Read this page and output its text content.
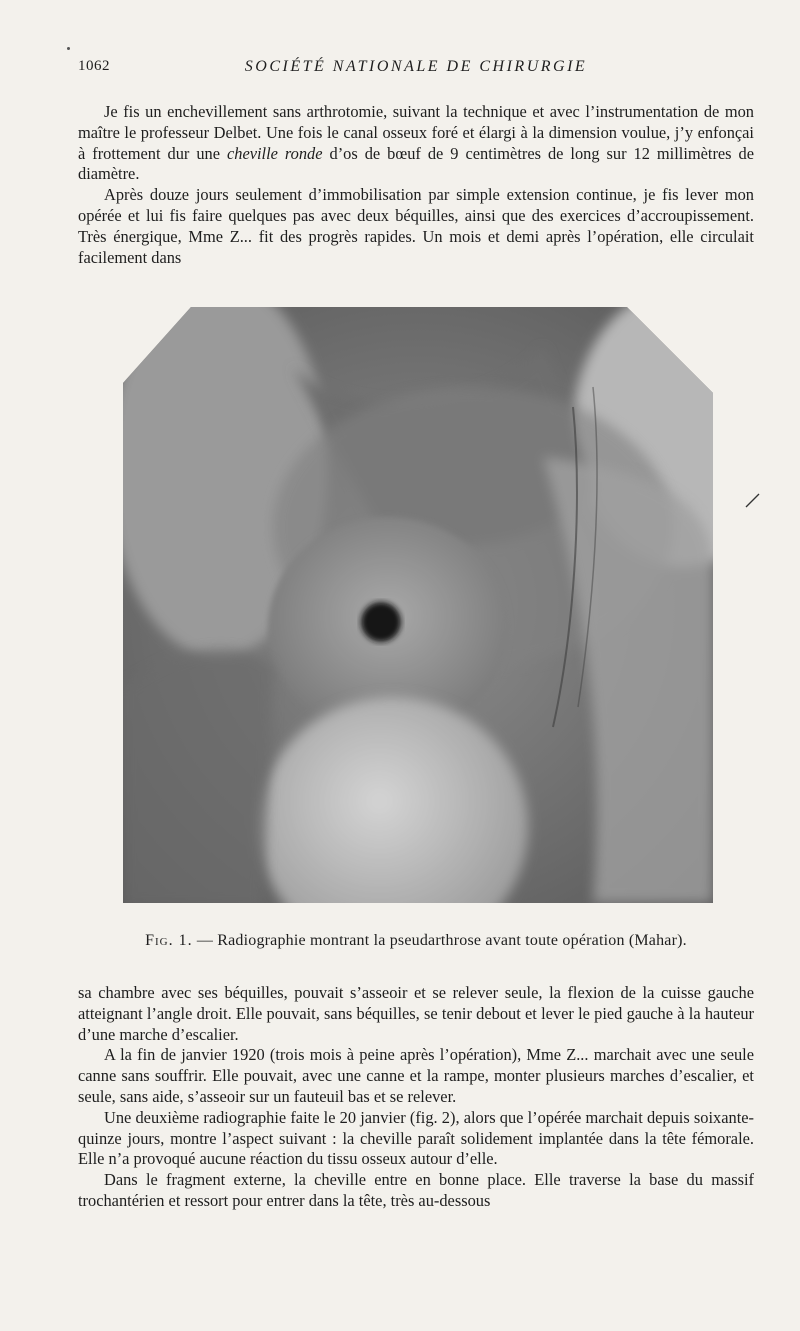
1062	SOCIÉTÉ NATIONALE DE CHIRURGIE

Je fis un enchevillement sans arthrotomie, suivant la technique et avec l’instrumentation de mon maître le professeur Delbet. Une fois le canal osseux foré et élargi à la dimension voulue, j’y enfonçai à frottement dur une cheville ronde d’os de bœuf de 9 centimètres de long sur 12 millimètres de diamètre.

Après douze jours seulement d’immobilisation par simple extension continue, je fis lever mon opérée et lui fis faire quelques pas avec deux béquilles, ainsi que des exercices d’accroupissement. Très énergique, Mme Z... fit des progrès rapides. Un mois et demi après l’opération, elle circulait facilement dans

Fig. 1. — Radiographie montrant la pseudarthrose avant toute opération (Mahar).

sa chambre avec ses béquilles, pouvait s’asseoir et se relever seule, la flexion de la cuisse gauche atteignant l’angle droit. Elle pouvait, sans béquilles, se tenir debout et lever le pied gauche à la hauteur d’une marche d’escalier.

A la fin de janvier 1920 (trois mois à peine après l’opération), Mme Z... marchait avec une seule canne sans souffrir. Elle pouvait, avec une canne et la rampe, monter plusieurs marches d’escalier, et seule, sans aide, s’asseoir sur un fauteuil bas et se relever.

Une deuxième radiographie faite le 20 janvier (fig. 2), alors que l’opérée marchait depuis soixante-quinze jours, montre l’aspect suivant : la cheville paraît solidement implantée dans la tête fémorale. Elle n’a provoqué aucune réaction du tissu osseux autour d’elle.

Dans le fragment externe, la cheville entre en bonne place. Elle traverse la base du massif trochantérien et ressort pour entrer dans la tête, très au-dessous
